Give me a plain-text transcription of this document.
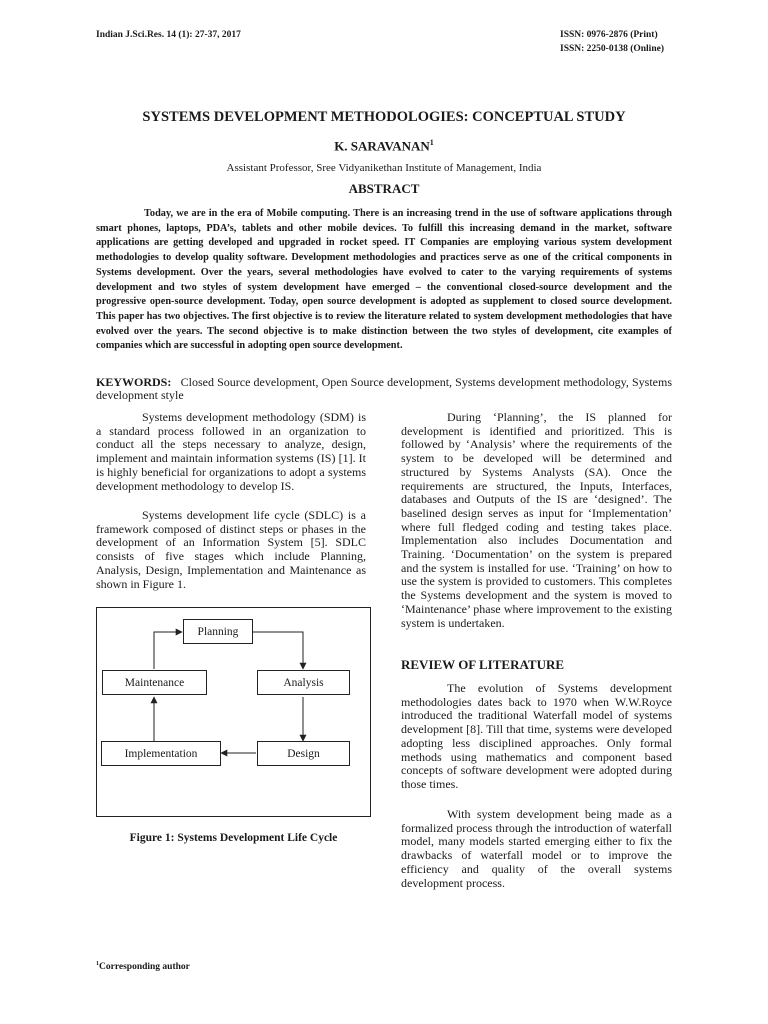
Indian J.Sci.Res. 14 (1): 27-37, 2017	ISSN: 0976-2876 (Print)
ISSN: 2250-0138 (Online)
SYSTEMS DEVELOPMENT METHODOLOGIES: CONCEPTUAL STUDY
K. SARAVANAN$^1$
Assistant Professor, Sree Vidyanikethan Institute of Management, India
ABSTRACT

Today, we are in the era of Mobile computing. There is an increasing trend in the use of software applications through smart phones, laptops, PDA’s, tablets and other mobile devices. To fulfill this increasing demand in the market, software applications are getting developed and upgraded in rocket speed. IT Companies are employing various system development methodologies to develop quality software. Development methodologies and practices serve as one of the critical components in Systems development. Over the years, several methodologies have evolved to cater to the varying requirements of systems development and two styles of system development have emerged – the conventional closed-source development and the progressive open-source development. Today, open source development is adopted as supplement to closed source development. This paper has two objectives. The first objective is to review the literature related to system development methodologies that have evolved over the years. The second objective is to make distinction between the two styles of development, cite examples of companies which are successful in adopting open source development.

KEYWORDS: Closed Source development, Open Source development, Systems development methodology, Systems development style

Systems development methodology (SDM) is a standard process followed in an organization to conduct all the steps necessary to analyze, design, implement and maintain information systems (IS) [1]. It is highly beneficial for organizations to adopt a systems development methodology to develop IS.

Systems development life cycle (SDLC) is a framework composed of distinct steps or phases in the development of an Information System [5]. SDLC consists of five stages which include Planning, Analysis, Design, Implementation and Maintenance as shown in Figure 1.

Planning
Maintenance	Analysis
Implementation	Design
Figure 1: Systems Development Life Cycle

During ‘Planning’, the IS planned for development is identified and prioritized. This is followed by ‘Analysis’ where the requirements of the system to be developed will be determined and structured by Systems Analysts (SA). Once the requirements are structured, the Inputs, Interfaces, databases and Outputs of the IS are ‘designed’. The baselined design serves as input for ‘Implementation’ where full fledged coding and testing takes place. Implementation also includes Documentation and Training. ‘Documentation’ on the system is prepared and the system is installed for use. ‘Training’ on how to use the system is provided to customers. This completes the Systems development and the system is moved to ‘Maintenance’ phase where improvement to the existing system is undertaken.

REVIEW OF LITERATURE

The evolution of Systems development methodologies dates back to 1970 when W.W.Royce introduced the traditional Waterfall model of systems development [8]. Till that time, systems were developed adopting less disciplined approaches. Only formal methods using mathematics and component based concepts of software development were adopted during those times.

With system development being made as a formalized process through the introduction of waterfall model, many models started emerging either to fix the drawbacks of waterfall model or to improve the efficiency and quality of the overall systems development process.

$^1$Corresponding author
